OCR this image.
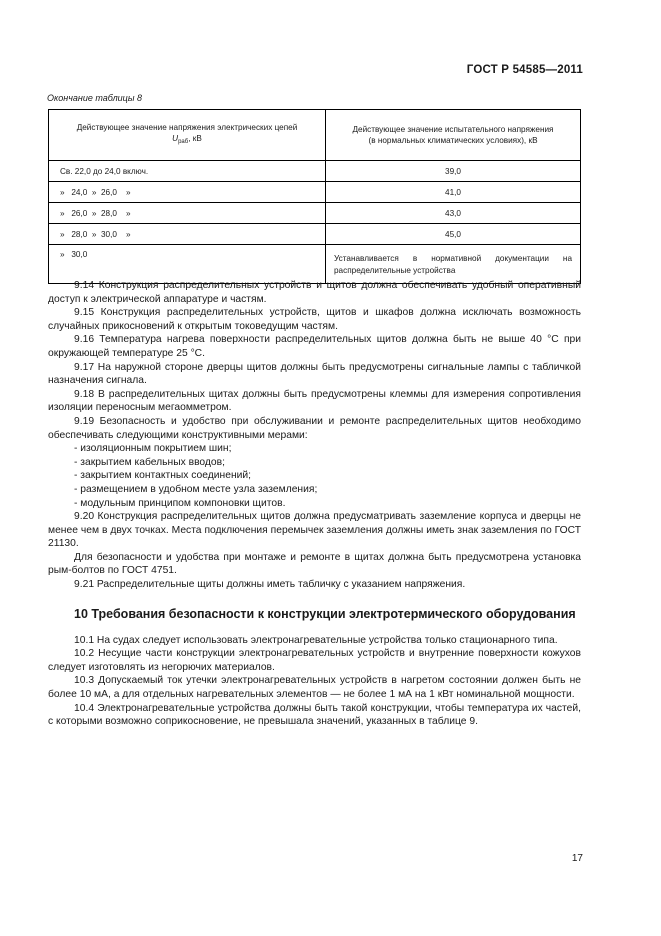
ГОСТ Р 54585—2011
Окончание таблицы 8
Действующее значение напряжения электрических цепей
$U_{раб}$, кВ	Действующее значение испытательного напряжения
(в нормальных климатических условиях), кВ
Св. 22,0 до 24,0 включ.	39,0
»   24,0  »  26,0    »	41,0
»   26,0  »  28,0    »	43,0
»   28,0  »  30,0    »	45,0
»   30,0	Устанавливается в нормативной документации на распределительные устройства

9.14 Конструкция распределительных устройств и щитов должна обеспечивать удобный оперативный доступ к электрической аппаратуре и частям.

9.15 Конструкция распределительных устройств, щитов и шкафов должна исключать возможность случайных прикосновений к открытым токоведущим частям.

9.16 Температура нагрева поверхности распределительных щитов должна быть не выше 40 °С при окружающей температуре 25 °С.

9.17 На наружной стороне дверцы щитов должны быть предусмотрены сигнальные лампы с табличкой назначения сигнала.

9.18 В распределительных щитах должны быть предусмотрены клеммы для измерения сопротивления изоляции переносным мегаомметром.

9.19 Безопасность и удобство при обслуживании и ремонте распределительных щитов необходимо обеспечивать следующими конструктивными мерами:

- изоляционным покрытием шин;

- закрытием кабельных вводов;

- закрытием контактных соединений;

- размещением в удобном месте узла заземления;

- модульным принципом компоновки щитов.

9.20 Конструкция распределительных щитов должна предусматривать заземление корпуса и дверцы не менее чем в двух точках. Места подключения перемычек заземления должны иметь знак заземления по ГОСТ 21130.

Для безопасности и удобства при монтаже и ремонте в щитах должна быть предусмотрена установка рым-болтов по ГОСТ 4751.

9.21 Распределительные щиты должны иметь табличку с указанием напряжения.

10 Требования безопасности к конструкции электротермического оборудования

10.1 На судах следует использовать электронагревательные устройства только стационарного типа.

10.2 Несущие части конструкции электронагревательных устройств и внутренние поверхности кожухов следует изготовлять из негорючих материалов.

10.3 Допускаемый ток утечки электронагревательных устройств в нагретом состоянии должен быть не более 10 мА, а для отдельных нагревательных элементов — не более 1 мА на 1 кВт номинальной мощности.

10.4 Электронагревательные устройства должны быть такой конструкции, чтобы температура их частей, с которыми возможно соприкосновение, не превышала значений, указанных в таблице 9.

17
